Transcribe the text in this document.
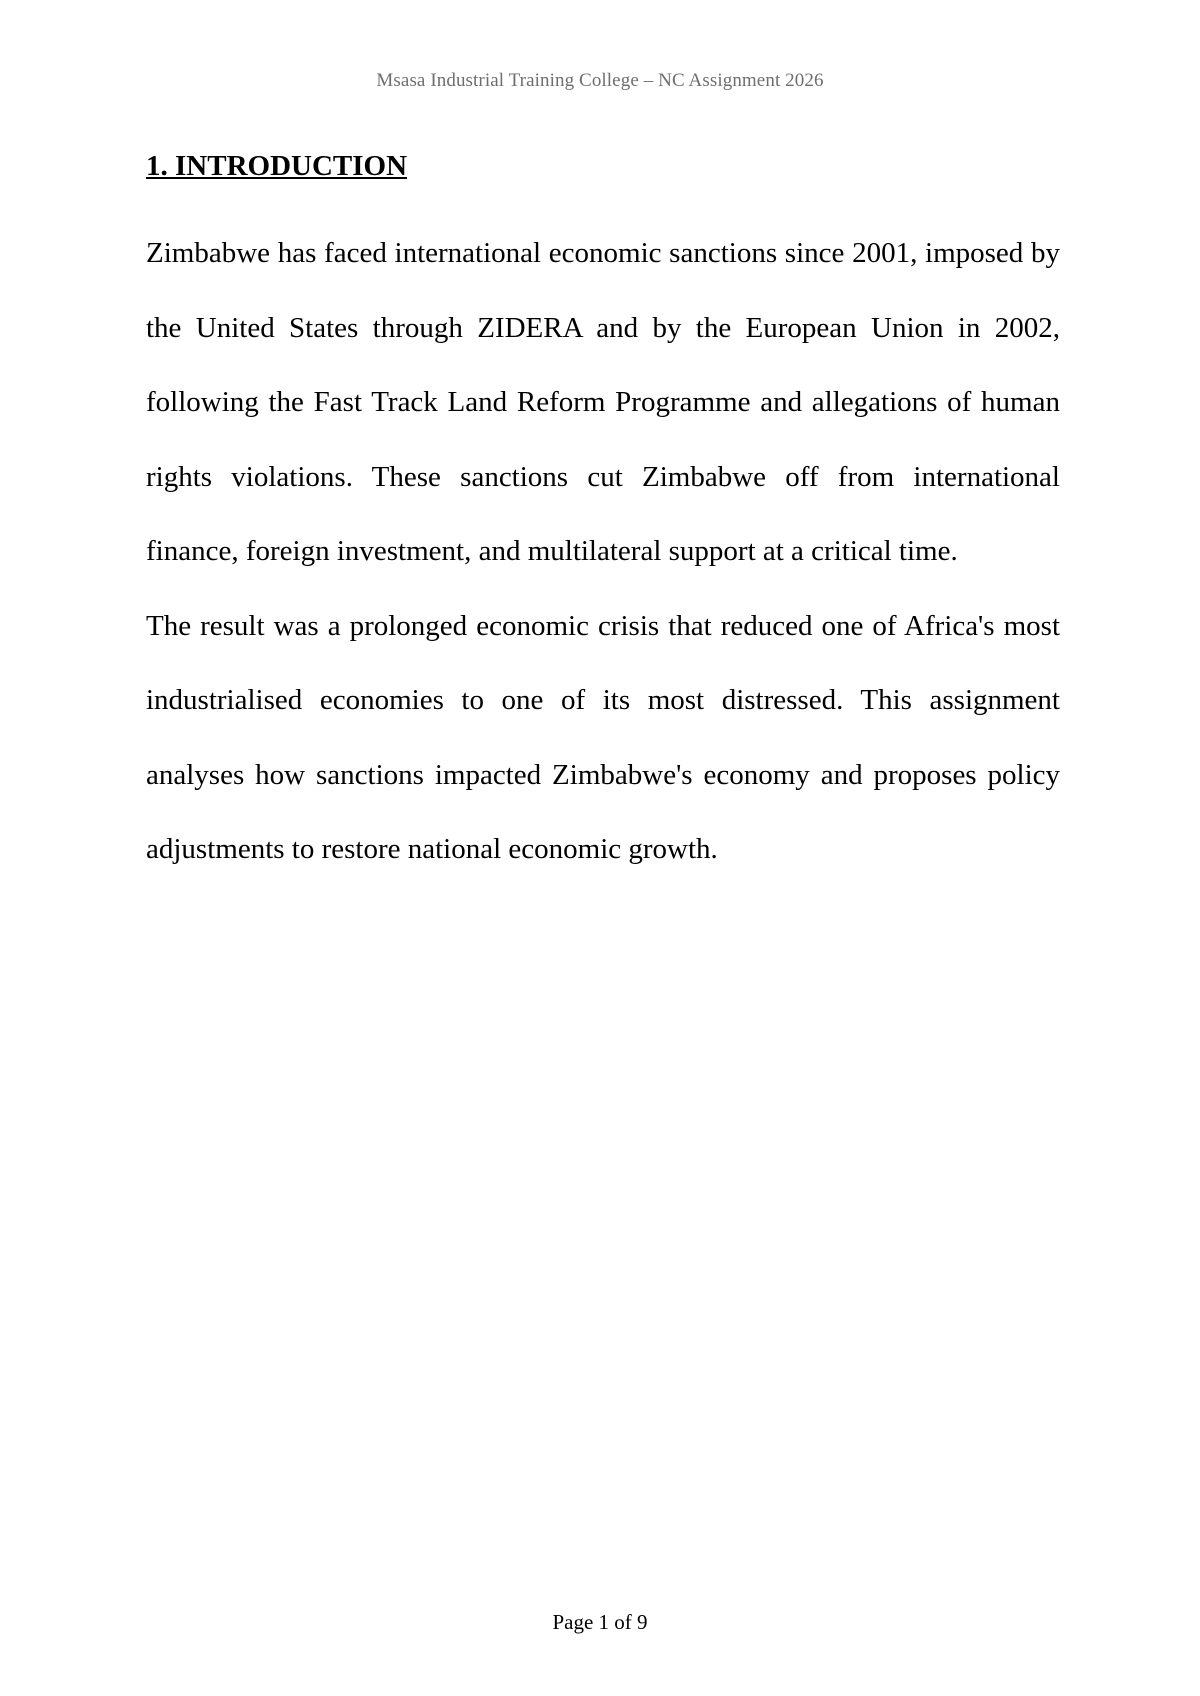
Msasa Industrial Training College – NC Assignment 2026
1. INTRODUCTION

Zimbabwe has faced international economic sanctions since 2001, imposed by the United States through ZIDERA and by the European Union in 2002, following the Fast Track Land Reform Programme and allegations of human rights violations. These sanctions cut Zimbabwe off from international finance, foreign investment, and multilateral support at a critical time.

The result was a prolonged economic crisis that reduced one of Africa's most industrialised economies to one of its most distressed. This assignment analyses how sanctions impacted Zimbabwe's economy and proposes policy adjustments to restore national economic growth.

Page 1 of 9
